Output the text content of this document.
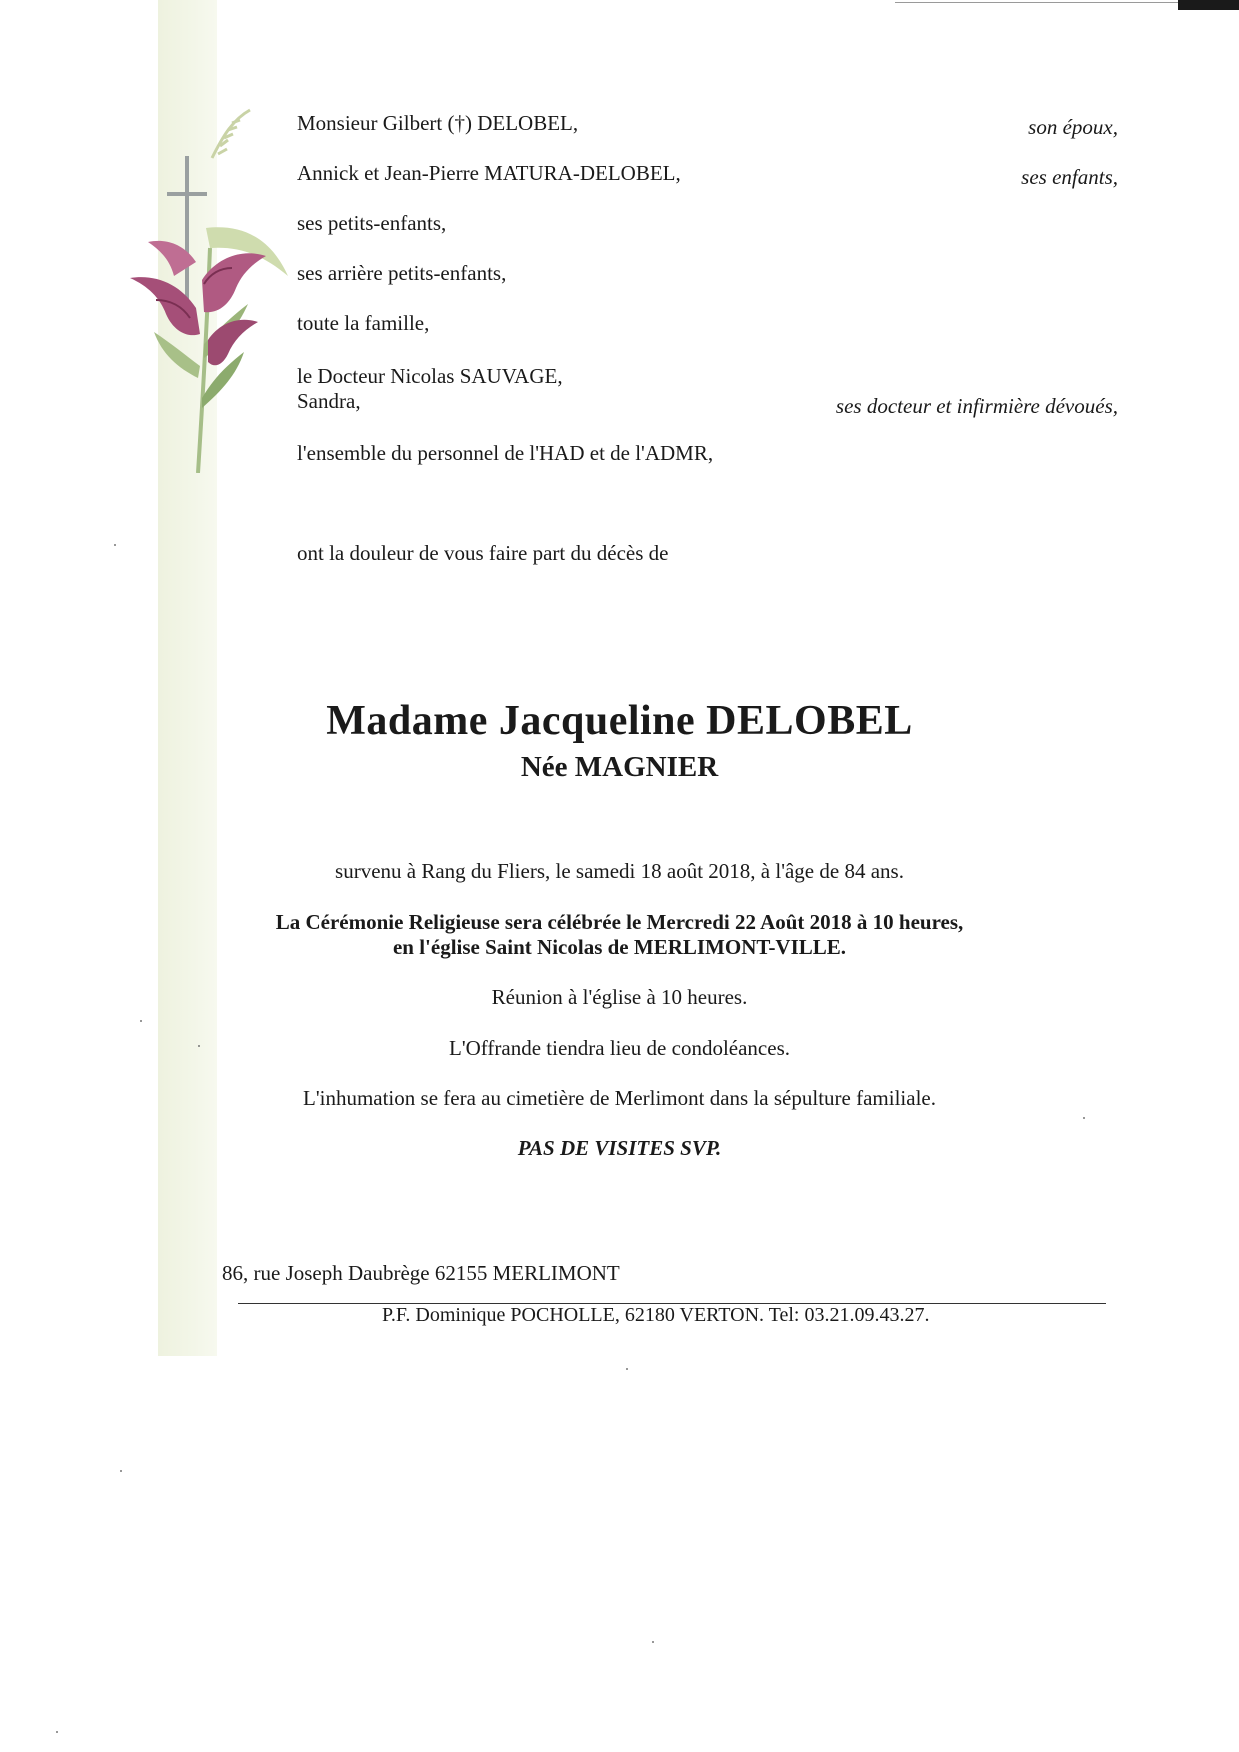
Monsieur Gilbert (†) DELOBEL,	son époux,
Annick et Jean-Pierre MATURA-DELOBEL,	ses enfants,
ses petits-enfants,
ses arrière petits-enfants,
toute la famille,
le Docteur Nicolas SAUVAGE,
Sandra,	ses docteur et infirmière dévoués,
l'ensemble du personnel de l'HAD et de l'ADMR,
ont la douleur de vous faire part du décès de
Madame Jacqueline DELOBEL
Née MAGNIER
survenu à Rang du Fliers, le samedi 18 août 2018, à l'âge de 84 ans.
La Cérémonie Religieuse sera célébrée le Mercredi 22 Août 2018 à 10 heures,
en l'église Saint Nicolas de MERLIMONT-VILLE.
Réunion à l'église à 10 heures.
L'Offrande tiendra lieu de condoléances.
L'inhumation se fera au cimetière de Merlimont dans la sépulture familiale.
PAS DE VISITES SVP.
86, rue Joseph Daubrège 62155 MERLIMONT
P.F. Dominique POCHOLLE, 62180 VERTON. Tel: 03.21.09.43.27.
